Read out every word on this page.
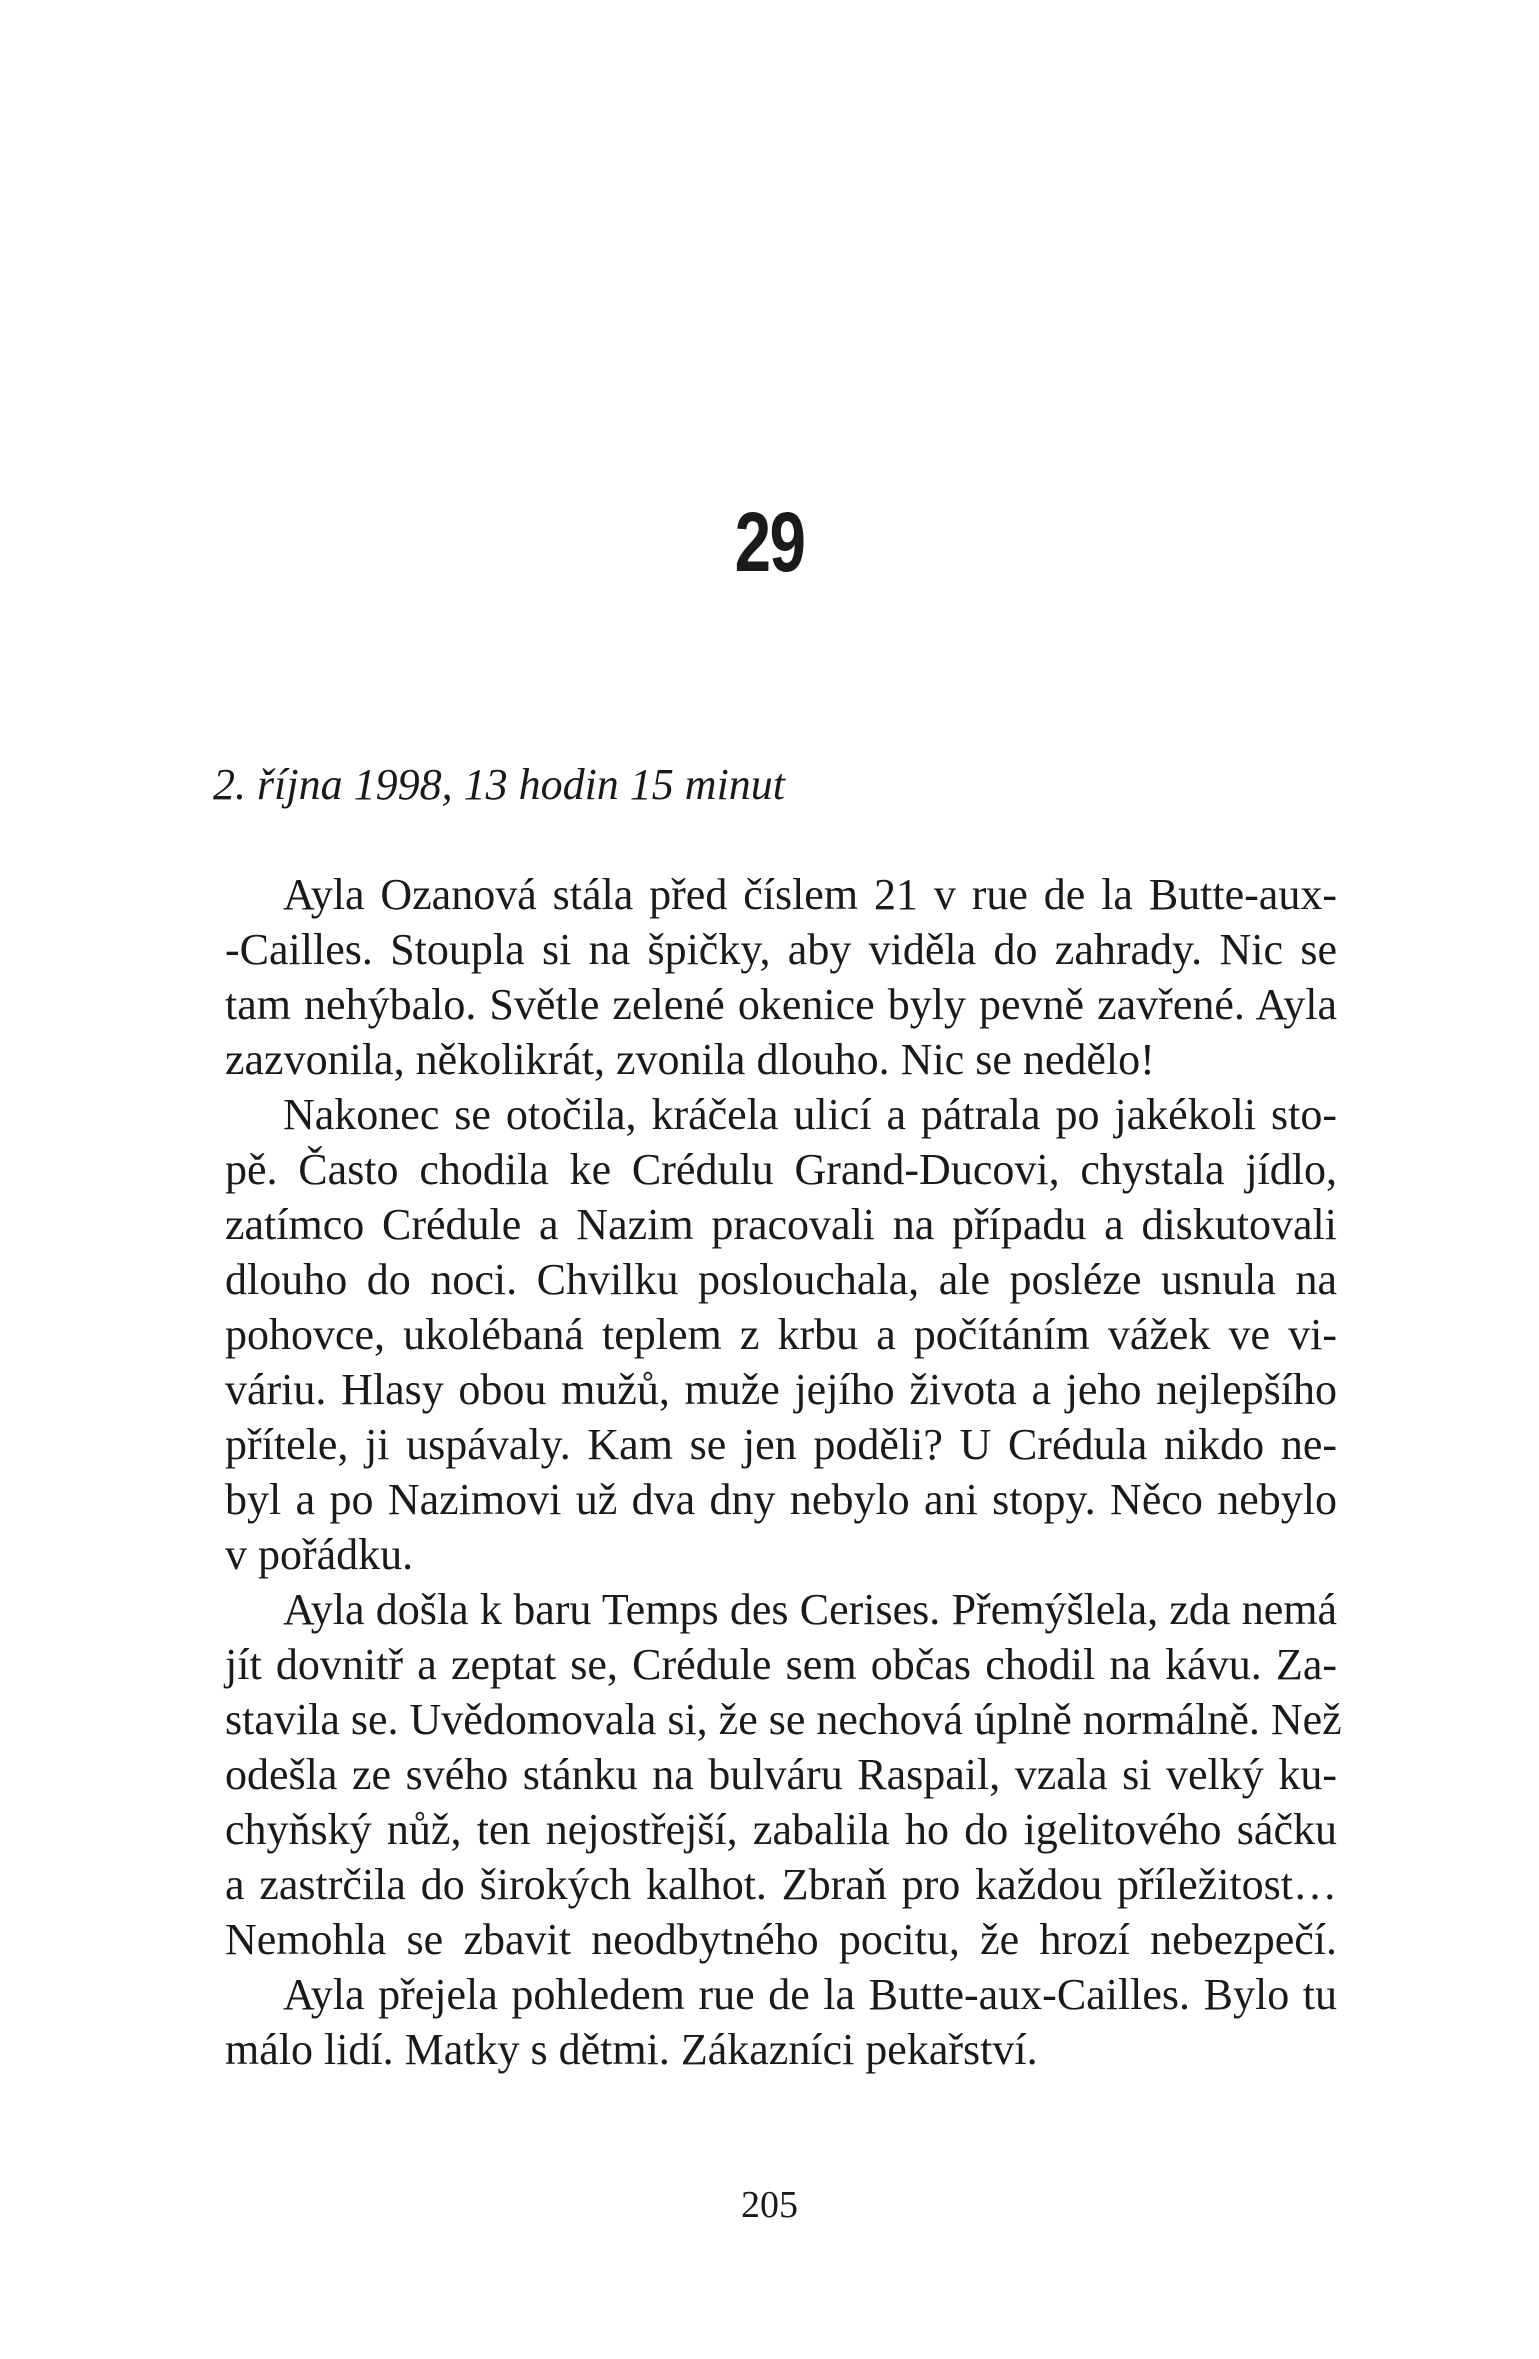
29
2. října 1998, 13 hodin 15 minut
Ayla Ozanová stála před číslem 21 v rue de la Butte-aux-
-Cailles. Stoupla si na špičky, aby viděla do zahrady. Nic se
tam nehýbalo. Světle zelené okenice byly pevně zavřené. Ayla
zazvonila, několikrát, zvonila dlouho. Nic se nedělo!
Nakonec se otočila, kráčela ulicí a pátrala po jakékoli sto-
pě. Často chodila ke Crédulu Grand-Ducovi, chystala jídlo,
zatímco Crédule a Nazim pracovali na případu a diskutovali
dlouho do noci. Chvilku poslouchala, ale posléze usnula na
pohovce, ukolébaná teplem z krbu a počítáním vážek ve vi-
váriu. Hlasy obou mužů, muže jejího života a jeho nejlepšího
přítele, ji uspávaly. Kam se jen poděli? U Crédula nikdo ne-
byl a po Nazimovi už dva dny nebylo ani stopy. Něco nebylo
v pořádku.
Ayla došla k baru Temps des Cerises. Přemýšlela, zda nemá
jít dovnitř a zeptat se, Crédule sem občas chodil na kávu. Za-
stavila se. Uvědomovala si, že se nechová úplně normálně. Než
odešla ze svého stánku na bulváru Raspail, vzala si velký ku-
chyňský nůž, ten nejostřejší, zabalila ho do igelitového sáčku
a zastrčila do širokých kalhot. Zbraň pro každou příležitost…
Nemohla se zbavit neodbytného pocitu, že hrozí nebezpečí.
Ayla přejela pohledem rue de la Butte-aux-Cailles. Bylo tu
málo lidí. Matky s dětmi. Zákazníci pekařství.
205
